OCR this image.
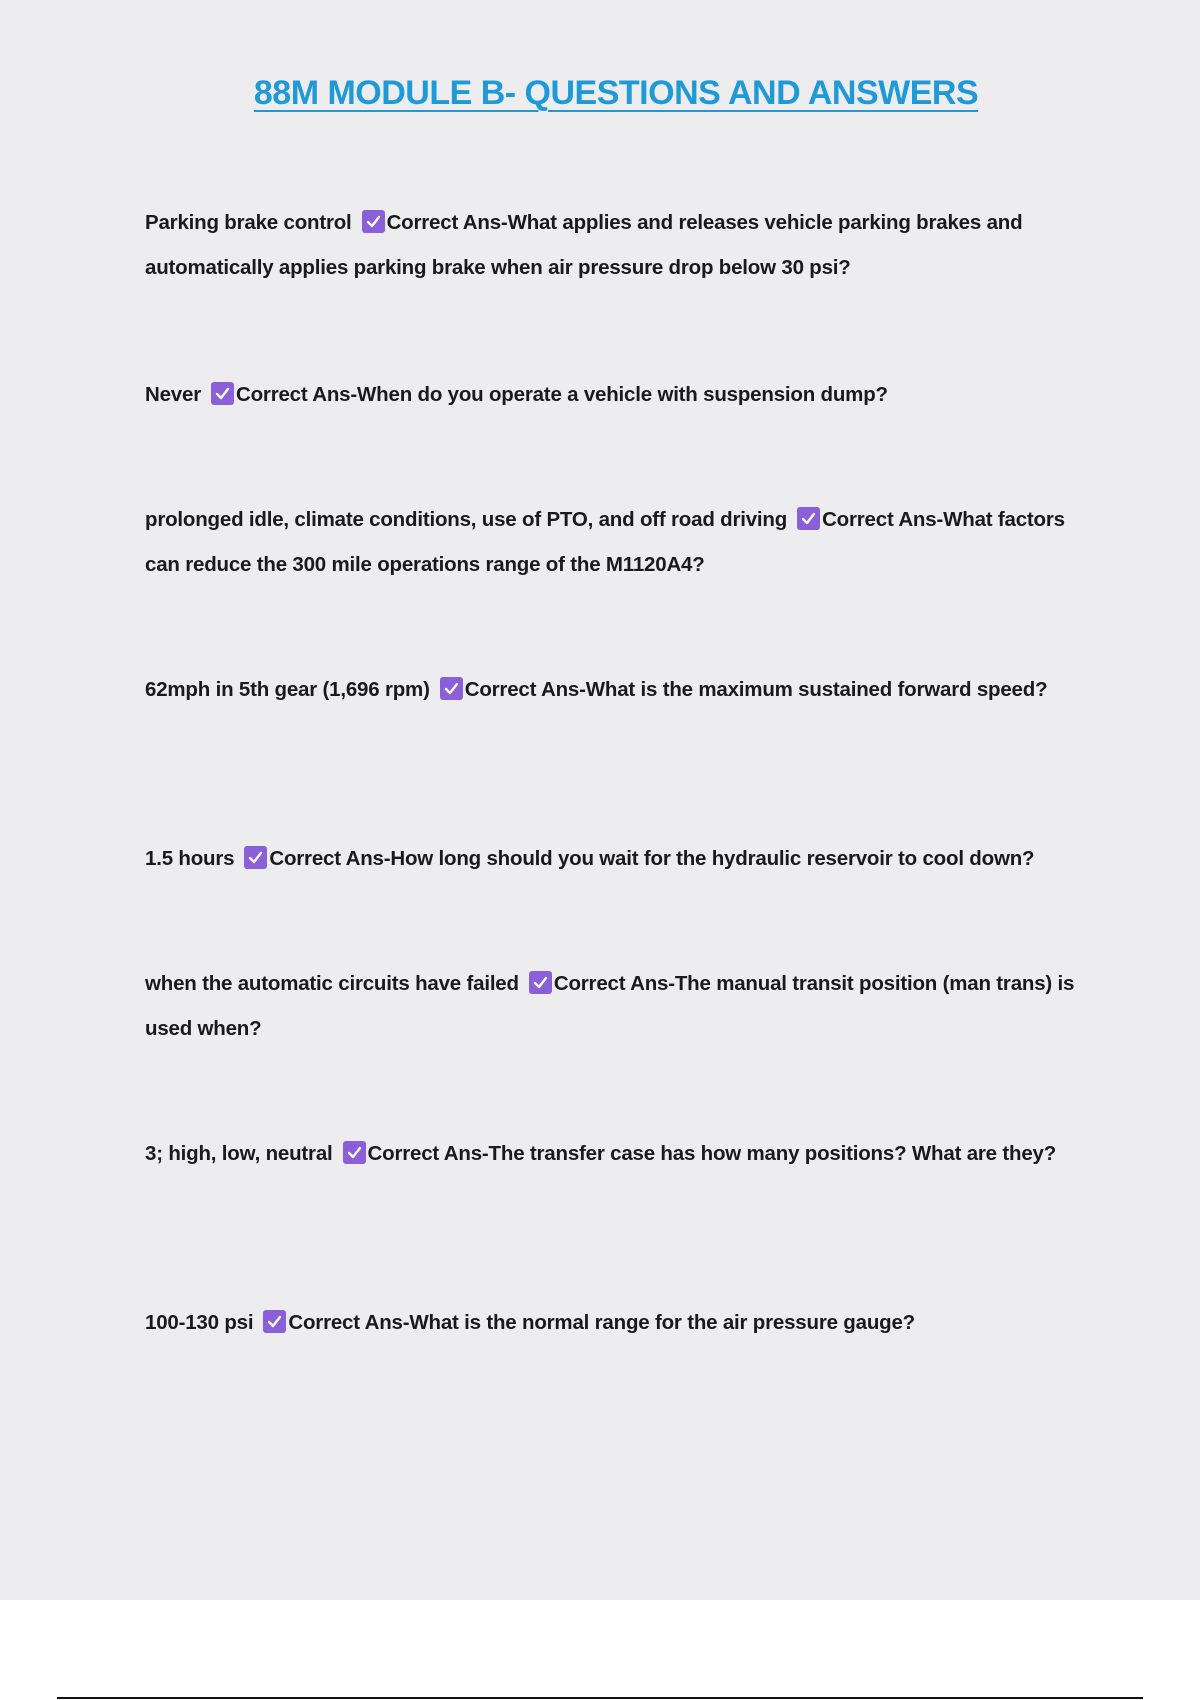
88M MODULE B- QUESTIONS AND ANSWERS
Parking brake control Correct Ans-What applies and releases vehicle parking brakes and automatically applies parking brake when air pressure drop below 30 psi?
Never Correct Ans-When do you operate a vehicle with suspension dump?
prolonged idle, climate conditions, use of PTO, and off road driving Correct Ans-What factors can reduce the 300 mile operations range of the M1120A4?
62mph in 5th gear (1,696 rpm) Correct Ans-What is the maximum sustained forward speed?
1.5 hours Correct Ans-How long should you wait for the hydraulic reservoir to cool down?
when the automatic circuits have failed Correct Ans-The manual transit position (man trans) is used when?
3; high, low, neutral Correct Ans-The transfer case has how many positions? What are they?
100-130 psi Correct Ans-What is the normal range for the air pressure gauge?
